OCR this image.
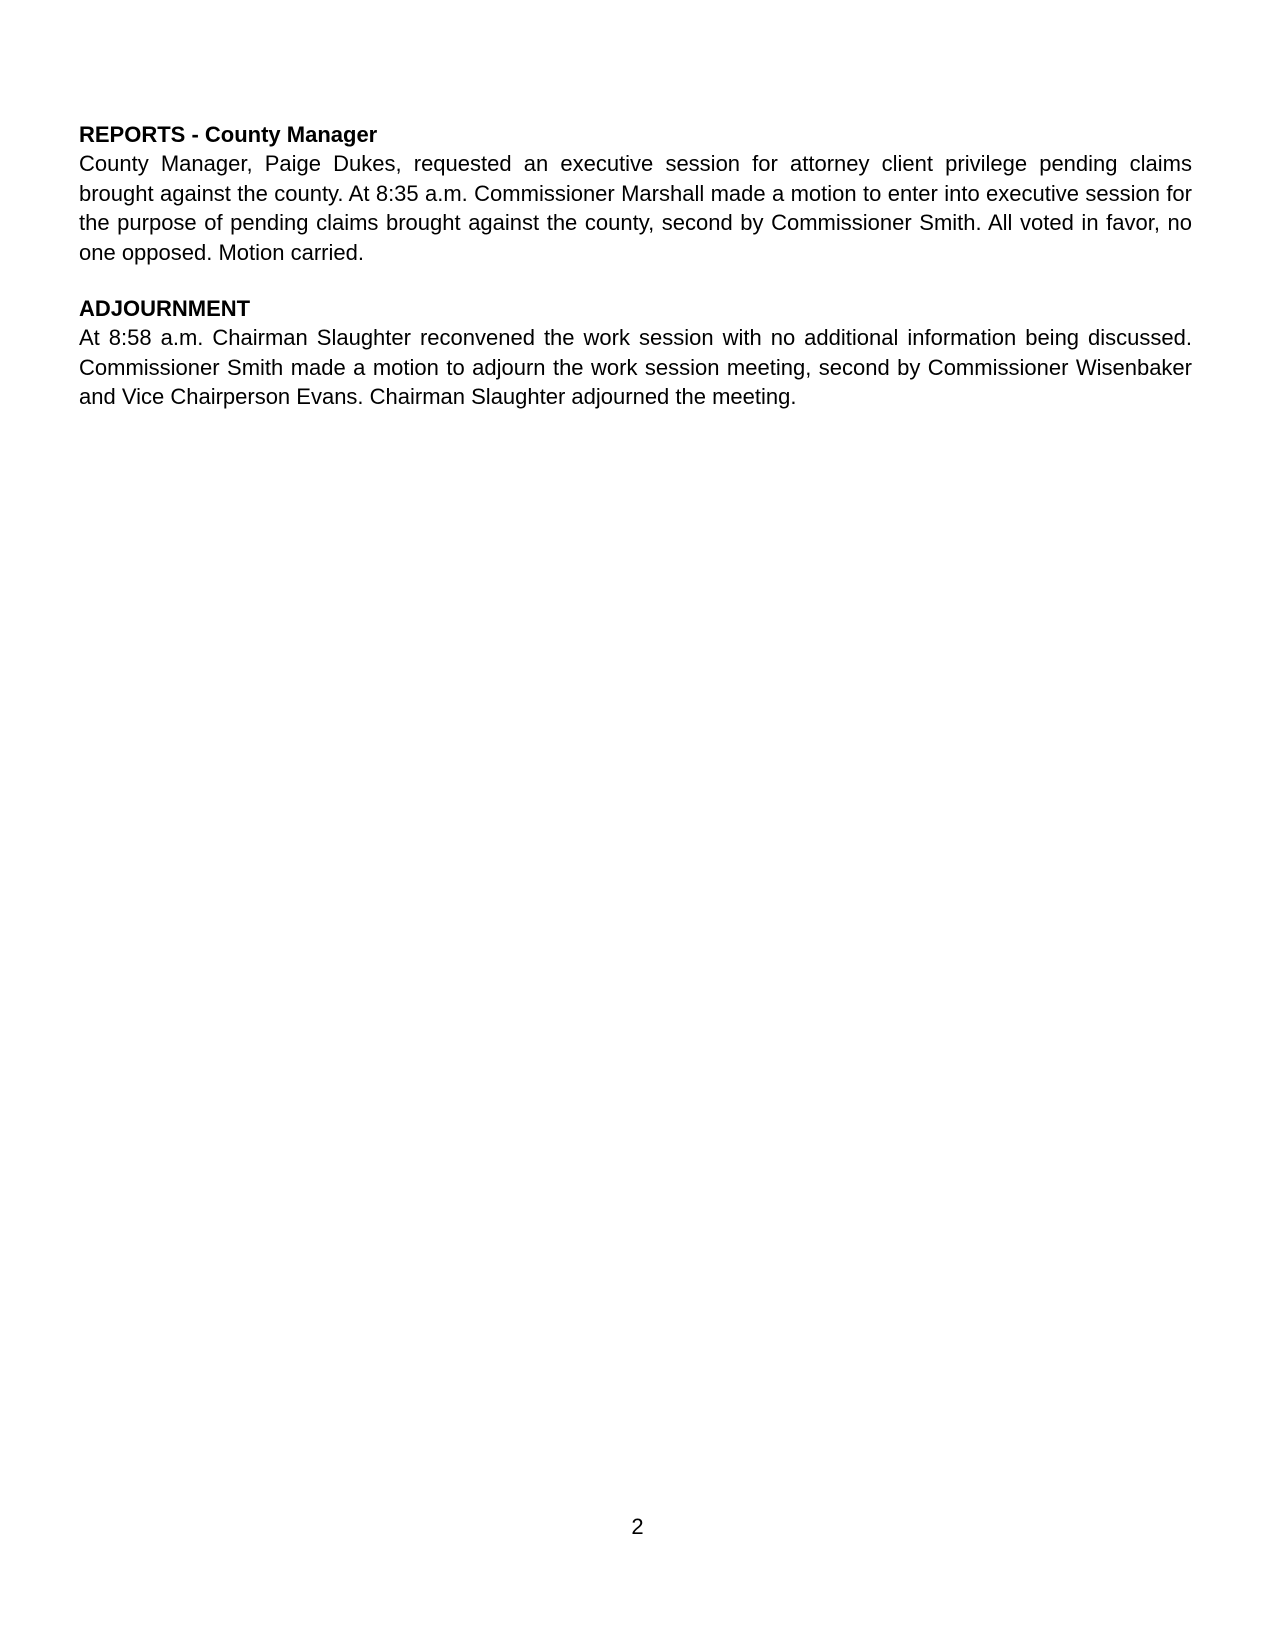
REPORTS - County Manager

County Manager, Paige Dukes, requested an executive session for attorney client privilege pending claims brought against the county. At 8:35 a.m. Commissioner Marshall made a motion to enter into executive session for the purpose of pending claims brought against the county, second by Commissioner Smith. All voted in favor, no one opposed. Motion carried.

ADJOURNMENT

At 8:58 a.m. Chairman Slaughter reconvened the work session with no additional information being discussed. Commissioner Smith made a motion to adjourn the work session meeting, second by Commissioner Wisenbaker and Vice Chairperson Evans. Chairman Slaughter adjourned the meeting.

2
